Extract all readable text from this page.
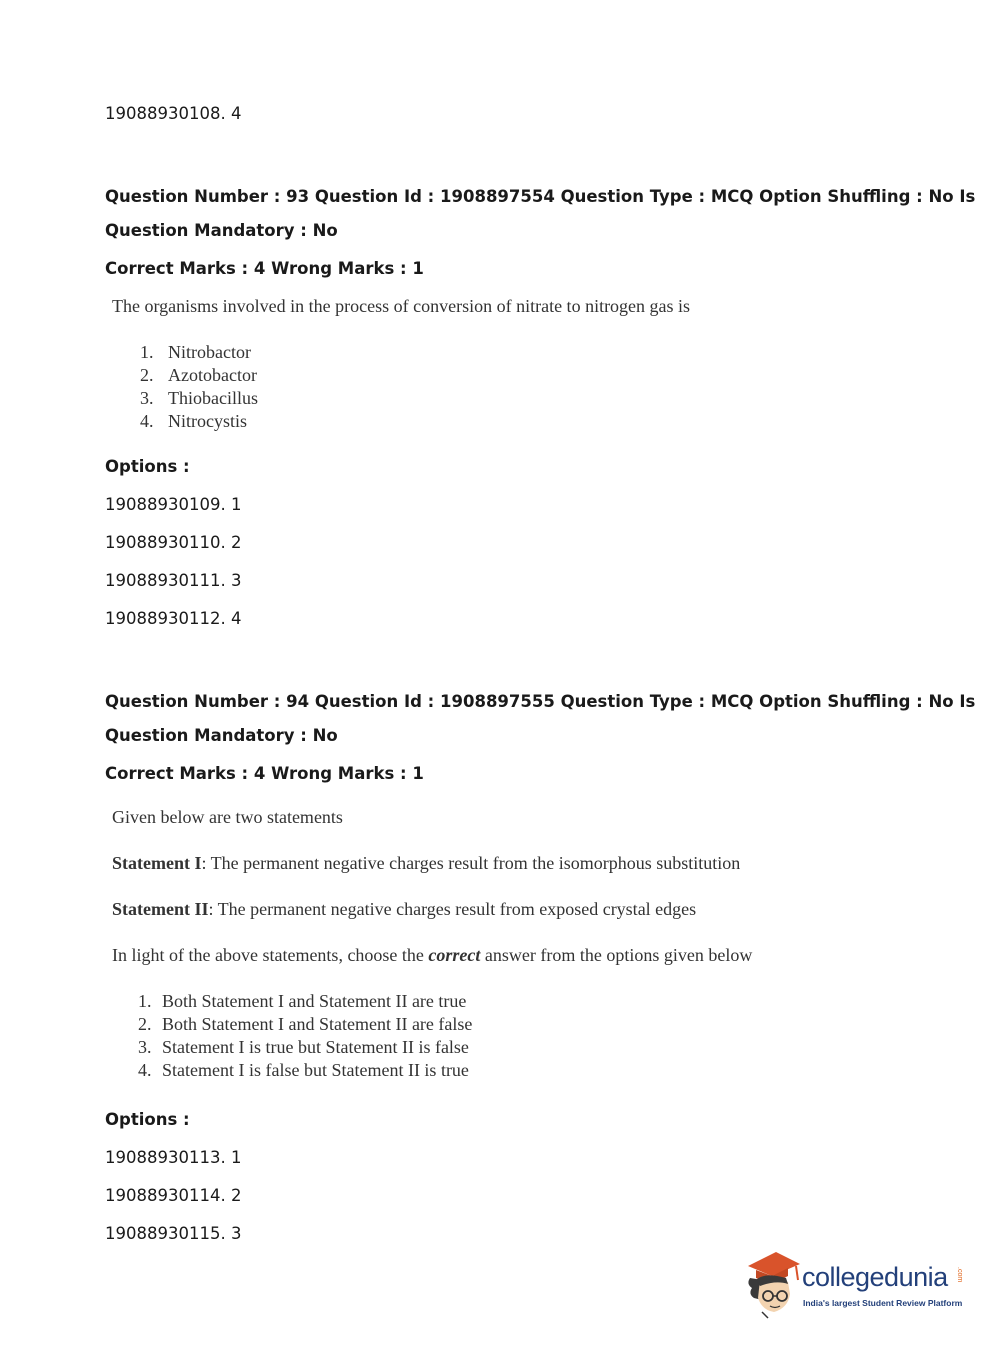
19088930108. 4
Question Number : 93 Question Id : 1908897554 Question Type : MCQ Option Shuffling : No Is
Question Mandatory : No
Correct Marks : 4 Wrong Marks : 1
The organisms involved in the process of conversion of nitrate to nitrogen gas is
1. Nitrobactor
2. Azotobactor
3. Thiobacillus
4. Nitrocystis
Options :
19088930109. 1
19088930110. 2
19088930111. 3
19088930112. 4
Question Number : 94 Question Id : 1908897555 Question Type : MCQ Option Shuffling : No Is
Question Mandatory : No
Correct Marks : 4 Wrong Marks : 1
Given below are two statements
Statement I: The permanent negative charges result from the isomorphous substitution
Statement II: The permanent negative charges result from exposed crystal edges
In light of the above statements, choose the correct answer from the options given below
1. Both Statement I and Statement II are true
2. Both Statement I and Statement II are false
3. Statement I is true but Statement II is false
4. Statement I is false but Statement II is true
Options :
19088930113. 1
19088930114. 2
19088930115. 3
collegedunia .com
India's largest Student Review Platform
